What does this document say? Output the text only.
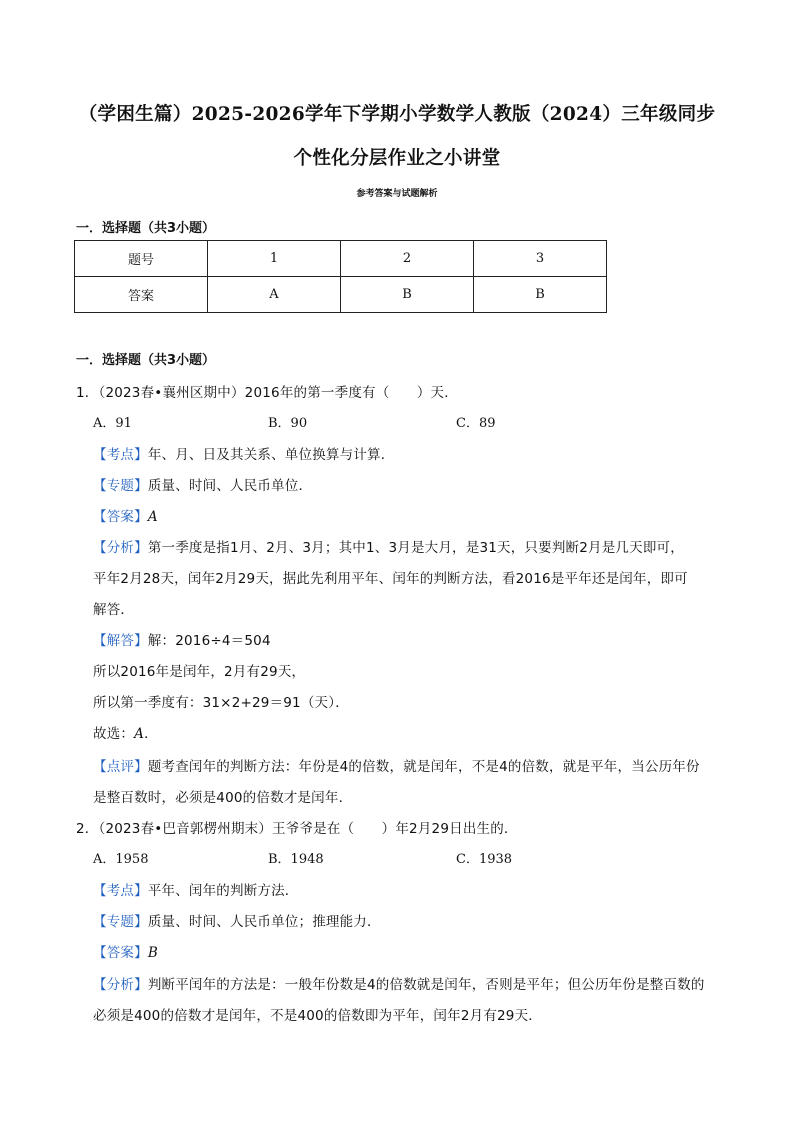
（学困生篇）2025-2026学年下学期小学数学人教版（2024）三年级同步
个性化分层作业之小讲堂
参考答案与试题解析
一．选择题（共3小题）
题号	1	2	3
答案	A	B	B
一．选择题（共3小题）
1．（2023春•襄州区期中）2016年的第一季度有（　　）天．
A．91	B．90	C．89
【考点】年、月、日及其关系、单位换算与计算．
【专题】质量、时间、人民币单位．
【答案】A
【分析】第一季度是指1月、2月、3月；其中1、3月是大月，是31天，只要判断2月是几天即可，
平年2月28天，闰年2月29天，据此先利用平年、闰年的判断方法，看2016是平年还是闰年，即可
解答．
【解答】解：2016÷4＝504
所以2016年是闰年，2月有29天，
所以第一季度有：31×2+29＝91（天）．
故选：A．
【点评】题考查闰年的判断方法：年份是4的倍数，就是闰年，不是4的倍数，就是平年，当公历年份
是整百数时，必须是400的倍数才是闰年．
2．（2023春•巴音郭楞州期末）王爷爷是在（　　）年2月29日出生的．
A．1958	B．1948	C．1938
【考点】平年、闰年的判断方法．
【专题】质量、时间、人民币单位；推理能力．
【答案】B
【分析】判断平闰年的方法是：一般年份数是4的倍数就是闰年，否则是平年；但公历年份是整百数的
必须是400的倍数才是闰年，不是400的倍数即为平年，闰年2月有29天．
